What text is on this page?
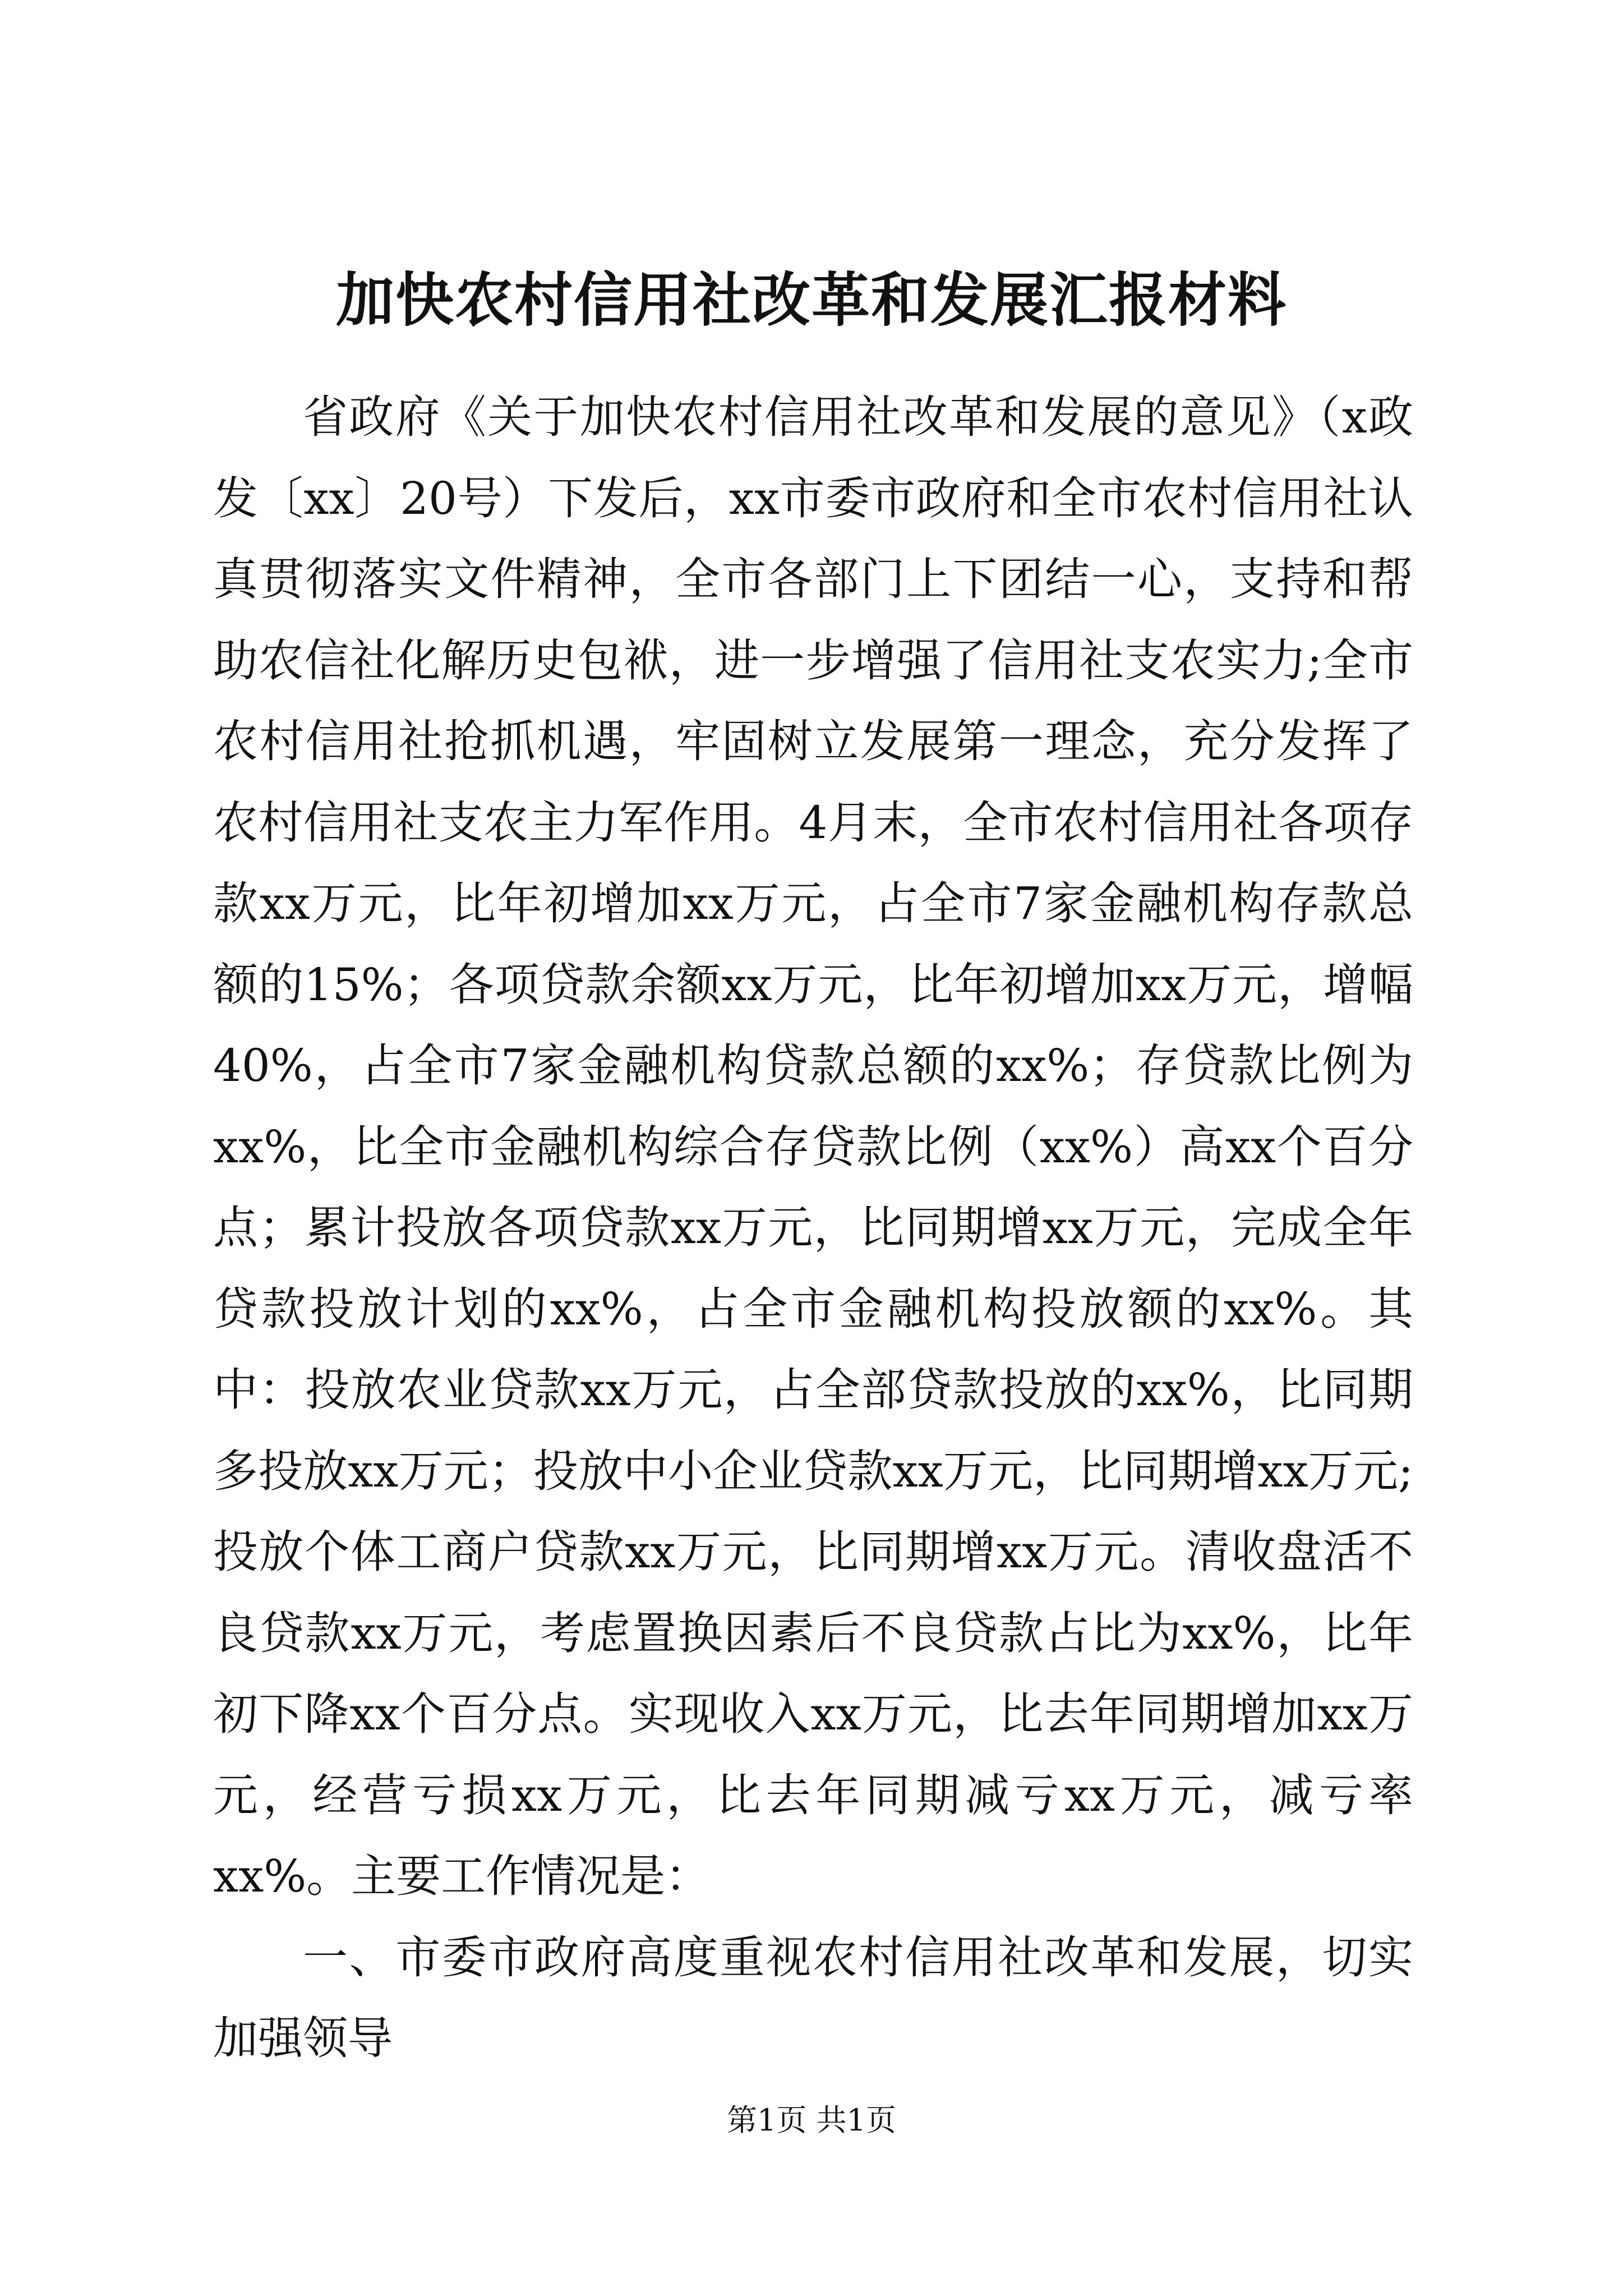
加快农村信用社改革和发展汇报材料

省政府《关于加快农村信用社改革和发展的意见》（x政发〔xx〕20号）下发后，xx市委市政府和全市农村信用社认真贯彻落实文件精神，全市各部门上下团结一心，支持和帮助农信社化解历史包袱，进一步增强了信用社支农实力;全市农村信用社抢抓机遇，牢固树立发展第一理念，充分发挥了农村信用社支农主力军作用。4月末，全市农村信用社各项存款xx万元，比年初增加xx万元，占全市7家金融机构存款总额的15%；各项贷款余额xx万元，比年初增加xx万元，增幅40%，占全市7家金融机构贷款总额的xx%；存贷款比例为xx%，比全市金融机构综合存贷款比例（xx%）高xx个百分点；累计投放各项贷款xx万元，比同期增xx万元，完成全年贷款投放计划的xx%，占全市金融机构投放额的xx%。其中：投放农业贷款xx万元，占全部贷款投放的xx%，比同期多投放xx万元；投放中小企业贷款xx万元，比同期增xx万元;投放个体工商户贷款xx万元，比同期增xx万元。清收盘活不良贷款xx万元，考虑置换因素后不良贷款占比为xx%，比年初下降xx个百分点。实现收入xx万元，比去年同期增加xx万元，经营亏损xx万元，比去年同期减亏xx万元，减亏率xx%。主要工作情况是：

一、市委市政府高度重视农村信用社改革和发展，切实加强领导

第1页 共1页
